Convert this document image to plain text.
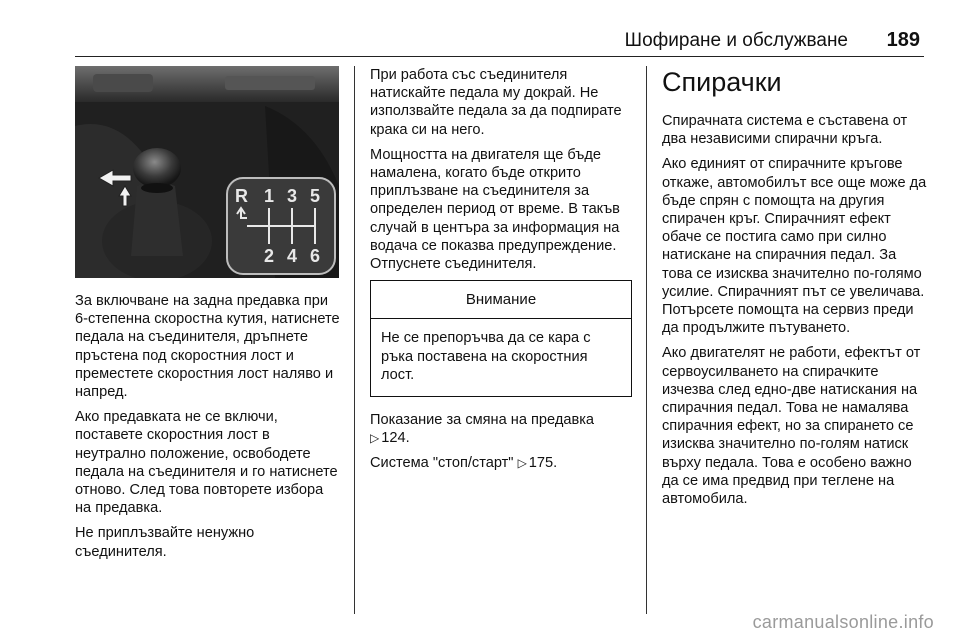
Шофиране и обслужване 189
R 1 3 5
2 4 6

За включване на задна предавка при 6-степенна скоростна кутия, натиснете педала на съединителя, дръпнете пръстена под скоростния лост и преместете скоростния лост наляво и напред.

Ако предавката не се включи, поставете скоростния лост в неутрално положение, освободете педала на съединителя и го натиснете отново. След това повторете избора на предавка.

Не приплъзвайте ненужно съединителя.

При работа със съединителя натискайте педала му докрай. Не използвайте педала за да подпирате крака си на него.

Мощността на двигателя ще бъде намалена, когато бъде открито приплъзване на съединителя за определен период от време. В такъв случай в центъра за информация на водача се показва предупреждение. Отпуснете съединителя.

Внимание
Не се препоръчва да се кара с ръка поставена на скоростния лост.

Показание за смяна на предавка
▷ 124.

Система "стоп/старт" ▷ 175.

Спирачки

Спирачната система е съставена от два независими спирачни кръга.

Ако единият от спирачните кръгове откаже, автомобилът все още може да бъде спрян с помощта на другия спирачен кръг. Спирачният ефект обаче се постига само при силно натискане на спирачния педал. За това се изисква значително по-голямо усилие. Спирачният път се увеличава. Потърсете помощта на сервиз преди да продължите пътуването.

Ако двигателят не работи, ефектът от сервоусилването на спирачките изчезва след едно-две натискания на спирачния педал. Това не намалява спирачния ефект, но за спирането се изисква значително по-голям натиск върху педала. Това е особено важно да се има предвид при теглене на автомобила.

carmanualsonline.info
